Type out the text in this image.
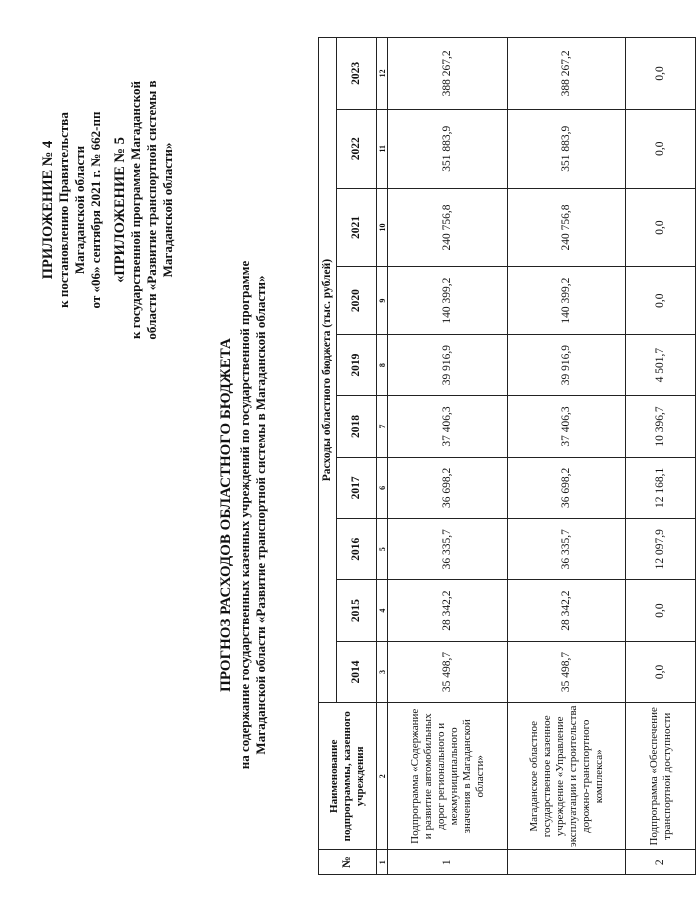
ПРИЛОЖЕНИЕ № 4 к постановлению Правительства Магаданской области от «06» сентября 2021 г. № 662-пп «ПРИЛОЖЕНИЕ № 5 к государственной программе Магаданской области «Развитие транспортной системы в Магаданской области»
ПРОГНОЗ РАСХОДОВ ОБЛАСТНОГО БЮДЖЕТА на содержание государственных казенных учреждений по государственной программе Магаданской области «Развитие транспортной системы в Магаданской области»
№	Наименование подпрограммы, казенного учреждения	Расходы областного бюджета (тыс. рублей)									
		2014	2015	2016	2017	2018	2019	2020	2021	2022	2023
1	2	3	4	5	6	7	8	9	10	11	12
1	Подпрограмма «Содержание и развитие автомобильных дорог регионального и межмуниципального значения в Магаданской области»	35 498,7	28 342,2	36 335,7	36 698,2	37 406,3	39 916,9	140 399,2	240 756,8	351 883,9	388 267,2
	Магаданское областное государственное казенное учреждение «Управление эксплуатации и строительства дорожно-транспортного комплекса»	35 498,7	28 342,2	36 335,7	36 698,2	37 406,3	39 916,9	140 399,2	240 756,8	351 883,9	388 267,2
2	Подпрограмма «Обеспечение транспортной доступности	0,0	0,0	12 097,9	12 168,1	10 396,7	4 501,7	0,0	0,0	0,0	0,0
